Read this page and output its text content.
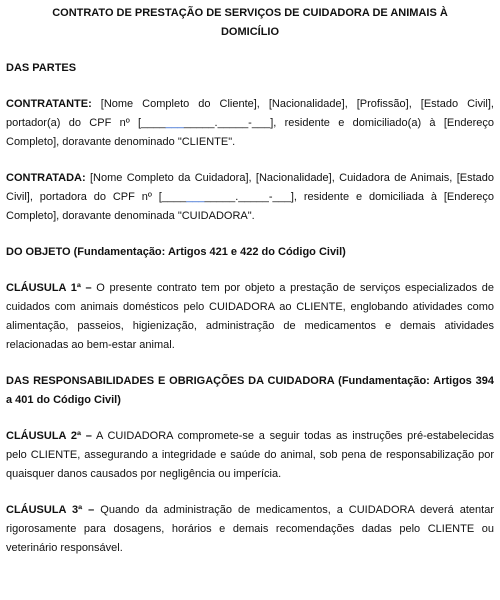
CONTRATO DE PRESTAÇÃO DE SERVIÇOS DE CUIDADORA DE ANIMAIS À
DOMICÍLIO

DAS PARTES

CONTRATANTE: [Nome Completo do Cliente], [Nacionalidade], [Profissão], [Estado Civil], portador(a) do CPF nº [____________._____-___], residente e domiciliado(a) à [Endereço Completo], doravante denominado "CLIENTE".

CONTRATADA: [Nome Completo da Cuidadora], [Nacionalidade], Cuidadora de Animais, [Estado Civil], portadora do CPF nº [____________._____-___], residente e domiciliada à [Endereço Completo], doravante denominada "CUIDADORA".

DO OBJETO (Fundamentação: Artigos 421 e 422 do Código Civil)

CLÁUSULA 1ª – O presente contrato tem por objeto a prestação de serviços especializados de cuidados com animais domésticos pelo CUIDADORA ao CLIENTE, englobando atividades como alimentação, passeios, higienização, administração de medicamentos e demais atividades relacionadas ao bem-estar animal.

DAS RESPONSABILIDADES E OBRIGAÇÕES DA CUIDADORA (Fundamentação: Artigos 394 a 401 do Código Civil)

CLÁUSULA 2ª – A CUIDADORA compromete-se a seguir todas as instruções pré-estabelecidas pelo CLIENTE, assegurando a integridade e saúde do animal, sob pena de responsabilização por quaisquer danos causados por negligência ou imperícia.

CLÁUSULA 3ª – Quando da administração de medicamentos, a CUIDADORA deverá atentar rigorosamente para dosagens, horários e demais recomendações dadas pelo CLIENTE ou veterinário responsável.
